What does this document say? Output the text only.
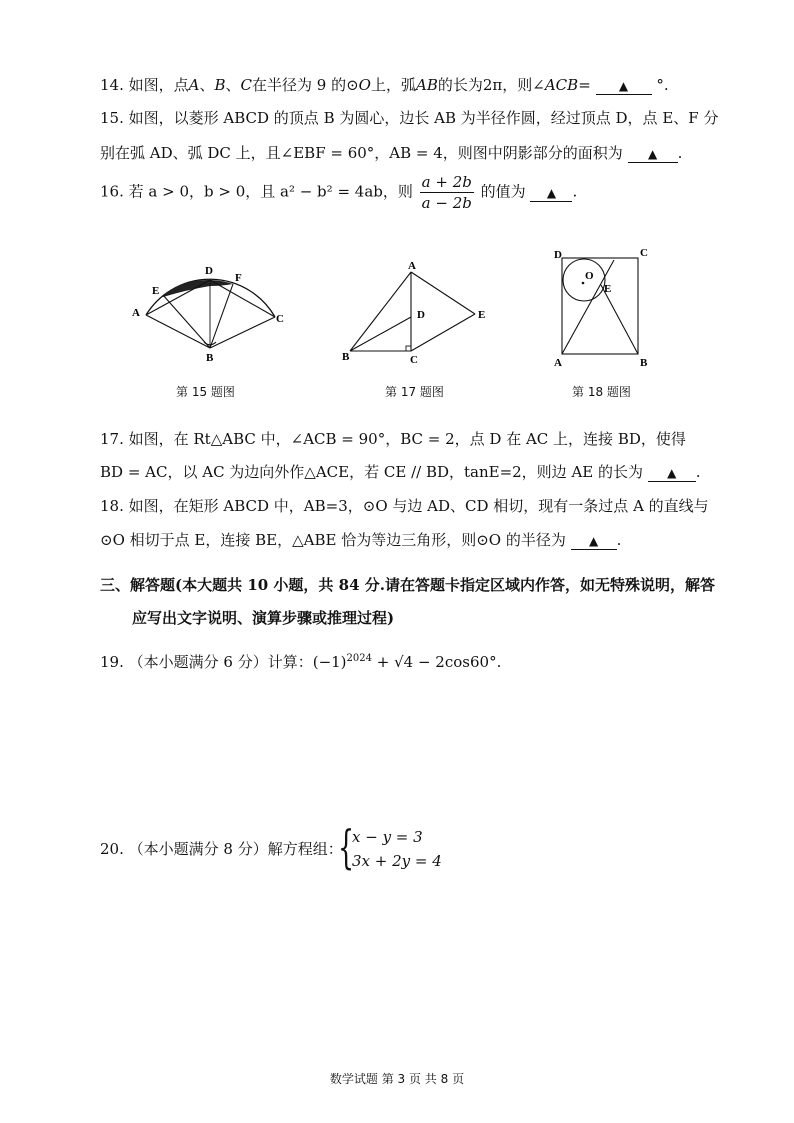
14. 如图，点A、B、C在半径为 9 的⊙O上，弧AB的长为2π，则∠ACB= ▲ °.
15. 如图，以菱形 ABCD 的顶点 B 为圆心，边长 AB 为半径作圆，经过顶点 D，点 E、F 分
别在弧 AD、弧 DC 上，且∠EBF = 60°，AB = 4，则图中阴影部分的面积为 ▲ .
16. 若 a > 0，b > 0，且 a² − b² = 4ab，则 $\frac{a + 2b}{a - 2b}$ 的值为 ▲ .
A
B
C
D
E
F
第 15 题图
A
B	C
D	E
第 17 题图
A	B
C
D
E
O
第 18 题图
17. 如图，在 Rt△ABC 中，∠ACB = 90°，BC = 2，点 D 在 AC 上，连接 BD，使得
BD = AC，以 AC 为边向外作△ACE，若 CE // BD，tanE=2，则边 AE 的长为 ▲ .
18. 如图，在矩形 ABCD 中，AB=3，⊙O 与边 AD、CD 相切，现有一条过点 A 的直线与
⊙O 相切于点 E，连接 BE，△ABE 恰为等边三角形，则⊙O 的半径为 ▲ .
三、解答题(本大题共 10 小题，共 84 分.请在答题卡指定区域内作答，如无特殊说明，解答
应写出文字说明、演算步骤或推理过程)
19. （本小题满分 6 分）计算：$(-1)^{2024} + √4 - 2\cos 60^\circ$.
20. （本小题满分 8 分）解方程组：
{
x − y = 3
3x + 2y = 4
数学试题 第 3 页 共 8 页
